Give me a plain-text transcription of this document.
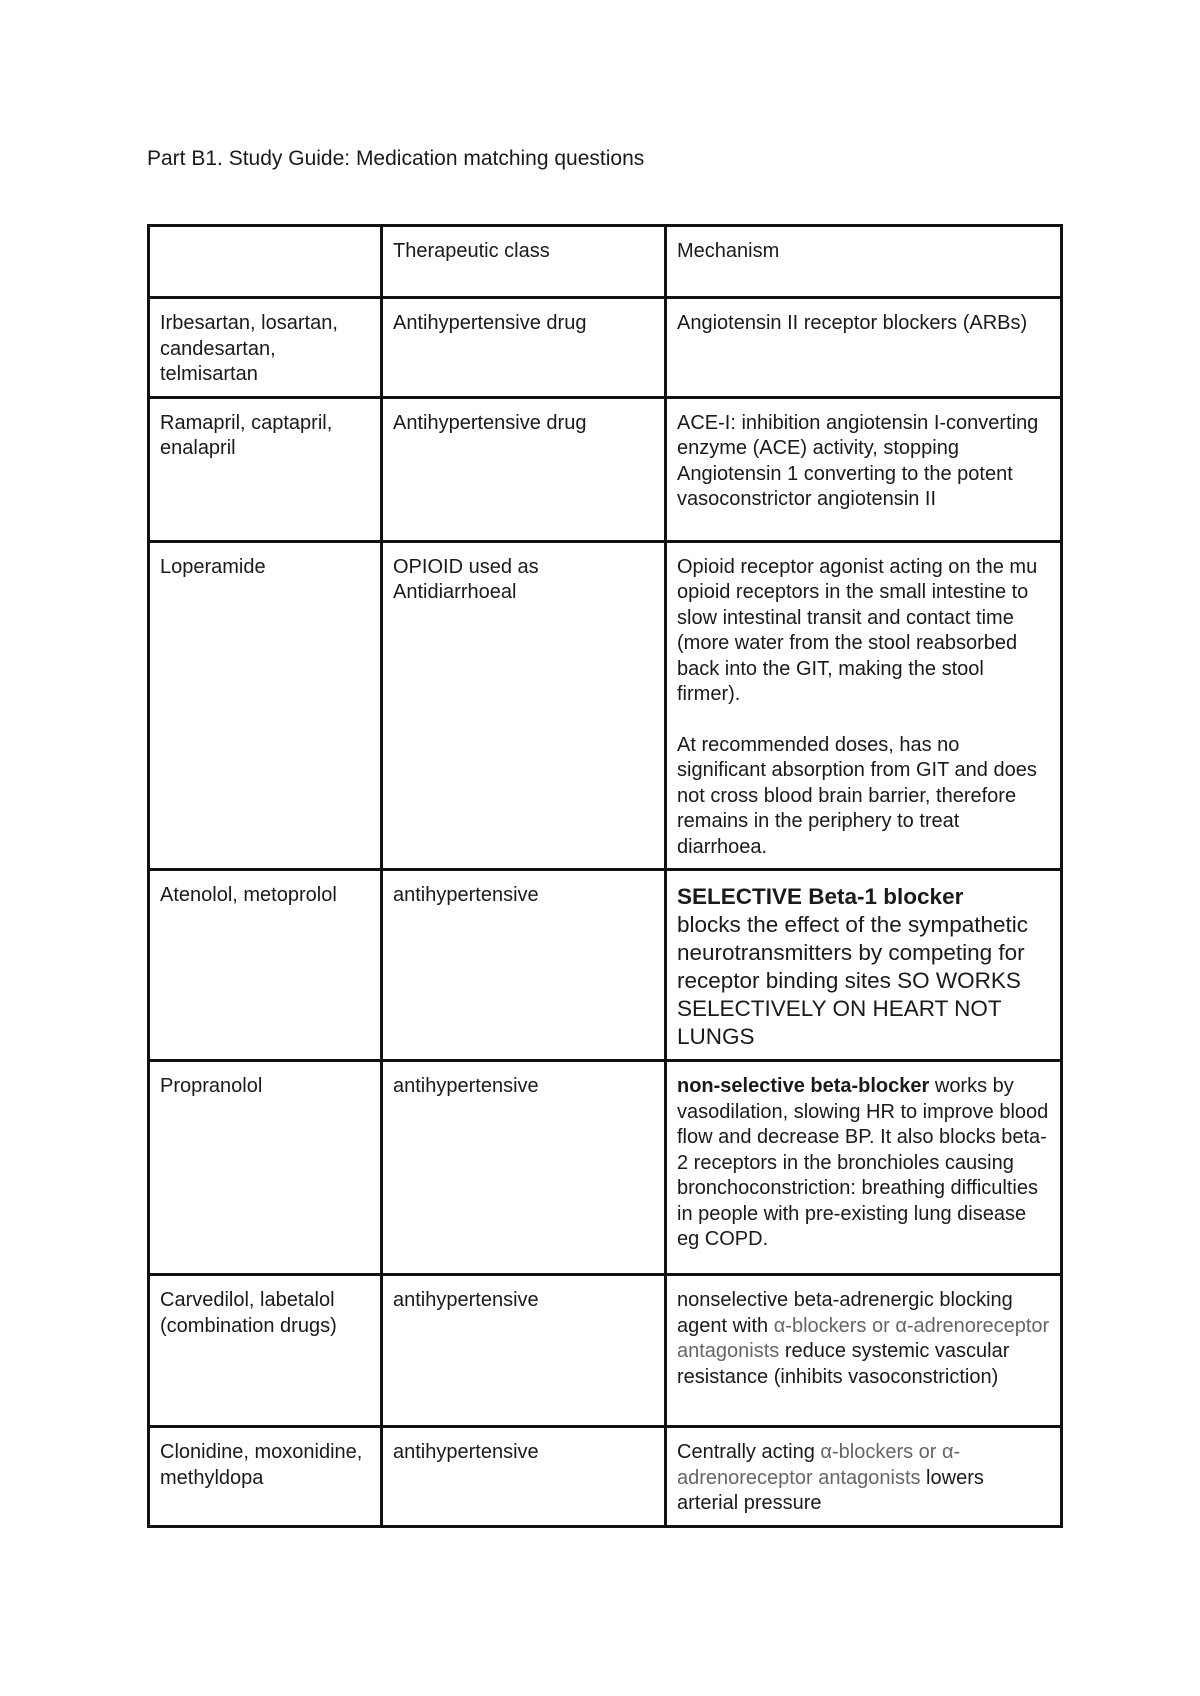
Part B1. Study Guide: Medication matching questions
	Therapeutic class	Mechanism
Irbesartan, losartan, candesartan, telmisartan	Antihypertensive drug	Angiotensin II receptor blockers (ARBs)
Ramapril, captapril, enalapril	Antihypertensive drug	ACE-I: inhibition angiotensin I-converting enzyme (ACE) activity, stopping Angiotensin 1 converting to the potent vasoconstrictor angiotensin II
Loperamide	OPIOID used as Antidiarrhoeal	Opioid receptor agonist acting on the mu opioid receptors in the small intestine to slow intestinal transit and contact time (more water from the stool reabsorbed back into the GIT, making the stool firmer).
At recommended doses, has no significant absorption from GIT and does not cross blood brain barrier, therefore remains in the periphery to treat diarrhoea.

Atenolol, metoprolol	antihypertensive	SELECTIVE Beta-1 blocker
blocks the effect of the sympathetic neurotransmitters by competing for receptor binding sites SO WORKS SELECTIVELY ON HEART NOT LUNGS
Propranolol	antihypertensive	non-selective beta-blocker works by vasodilation, slowing HR to improve blood flow and decrease BP. It also blocks beta-2 receptors in the bronchioles causing bronchoconstriction: breathing difficulties in people with pre-existing lung disease eg COPD.
Carvedilol, labetalol (combination drugs)	antihypertensive	nonselective beta-adrenergic blocking agent with α-blockers or α-adrenoreceptor antagonists reduce systemic vascular resistance (inhibits vasoconstriction)
Clonidine, moxonidine, methyldopa	antihypertensive	Centrally acting α-blockers or α-adrenoreceptor antagonists lowers arterial pressure
